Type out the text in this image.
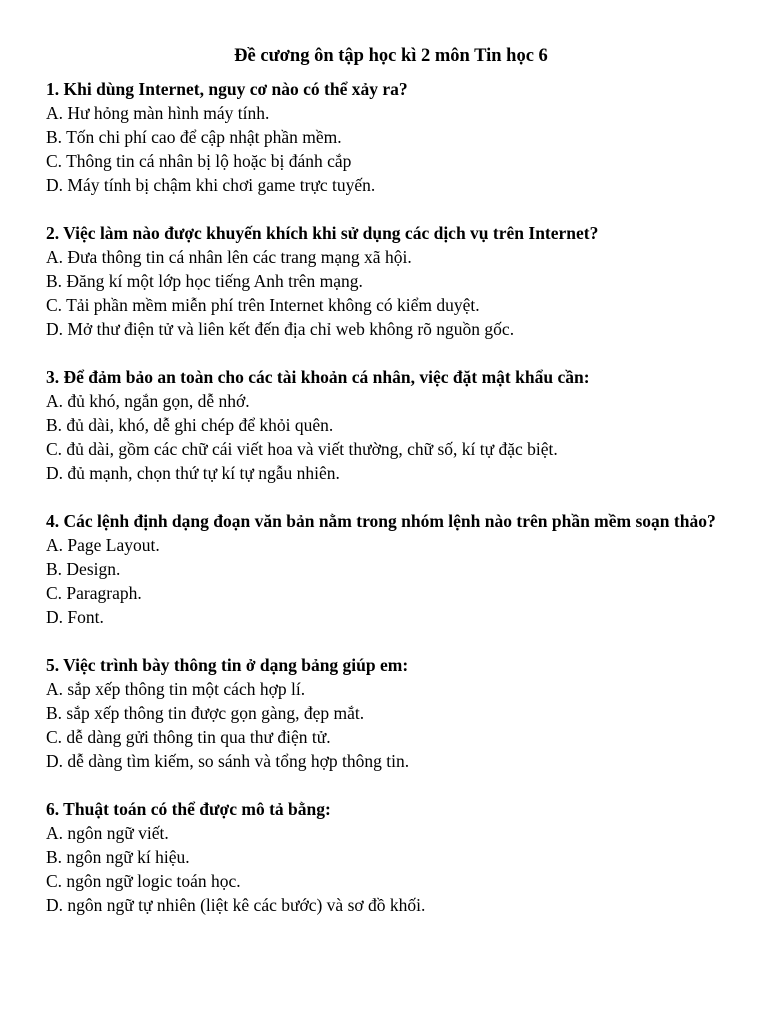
Đề cương ôn tập học kì 2 môn Tin học 6

1. Khi dùng Internet, nguy cơ nào có thể xảy ra?

A. Hư hỏng màn hình máy tính.

B. Tốn chi phí cao để cập nhật phần mềm.

C. Thông tin cá nhân bị lộ hoặc bị đánh cắp

D. Máy tính bị chậm khi chơi game trực tuyến.

2. Việc làm nào được khuyến khích khi sử dụng các dịch vụ trên Internet?

A. Đưa thông tin cá nhân lên các trang mạng xã hội.

B. Đăng kí một lớp học tiếng Anh trên mạng.

C. Tải phần mềm miễn phí trên Internet không có kiểm duyệt.

D. Mở thư điện tử và liên kết đến địa chỉ web không rõ nguồn gốc.

3. Để đảm bảo an toàn cho các tài khoản cá nhân, việc đặt mật khẩu cần:

A. đủ khó, ngắn gọn, dễ nhớ.

B. đủ dài, khó, dễ ghi chép để khỏi quên.

C. đủ dài, gồm các chữ cái viết hoa và viết thường, chữ số, kí tự đặc biệt.

D. đủ mạnh, chọn thứ tự kí tự ngẫu nhiên.

4. Các lệnh định dạng đoạn văn bản nằm trong nhóm lệnh nào trên phần mềm soạn thảo?

A. Page Layout.

B. Design.

C. Paragraph.

D. Font.

5. Việc trình bày thông tin ở dạng bảng giúp em:

A. sắp xếp thông tin một cách hợp lí.

B. sắp xếp thông tin được gọn gàng, đẹp mắt.

C. dễ dàng gửi thông tin qua thư điện tử.

D. dễ dàng tìm kiếm, so sánh và tổng hợp thông tin.

6. Thuật toán có thể được mô tả bằng:

A. ngôn ngữ viết.

B. ngôn ngữ kí hiệu.

C. ngôn ngữ logic toán học.

D. ngôn ngữ tự nhiên (liệt kê các bước) và sơ đồ khối.
